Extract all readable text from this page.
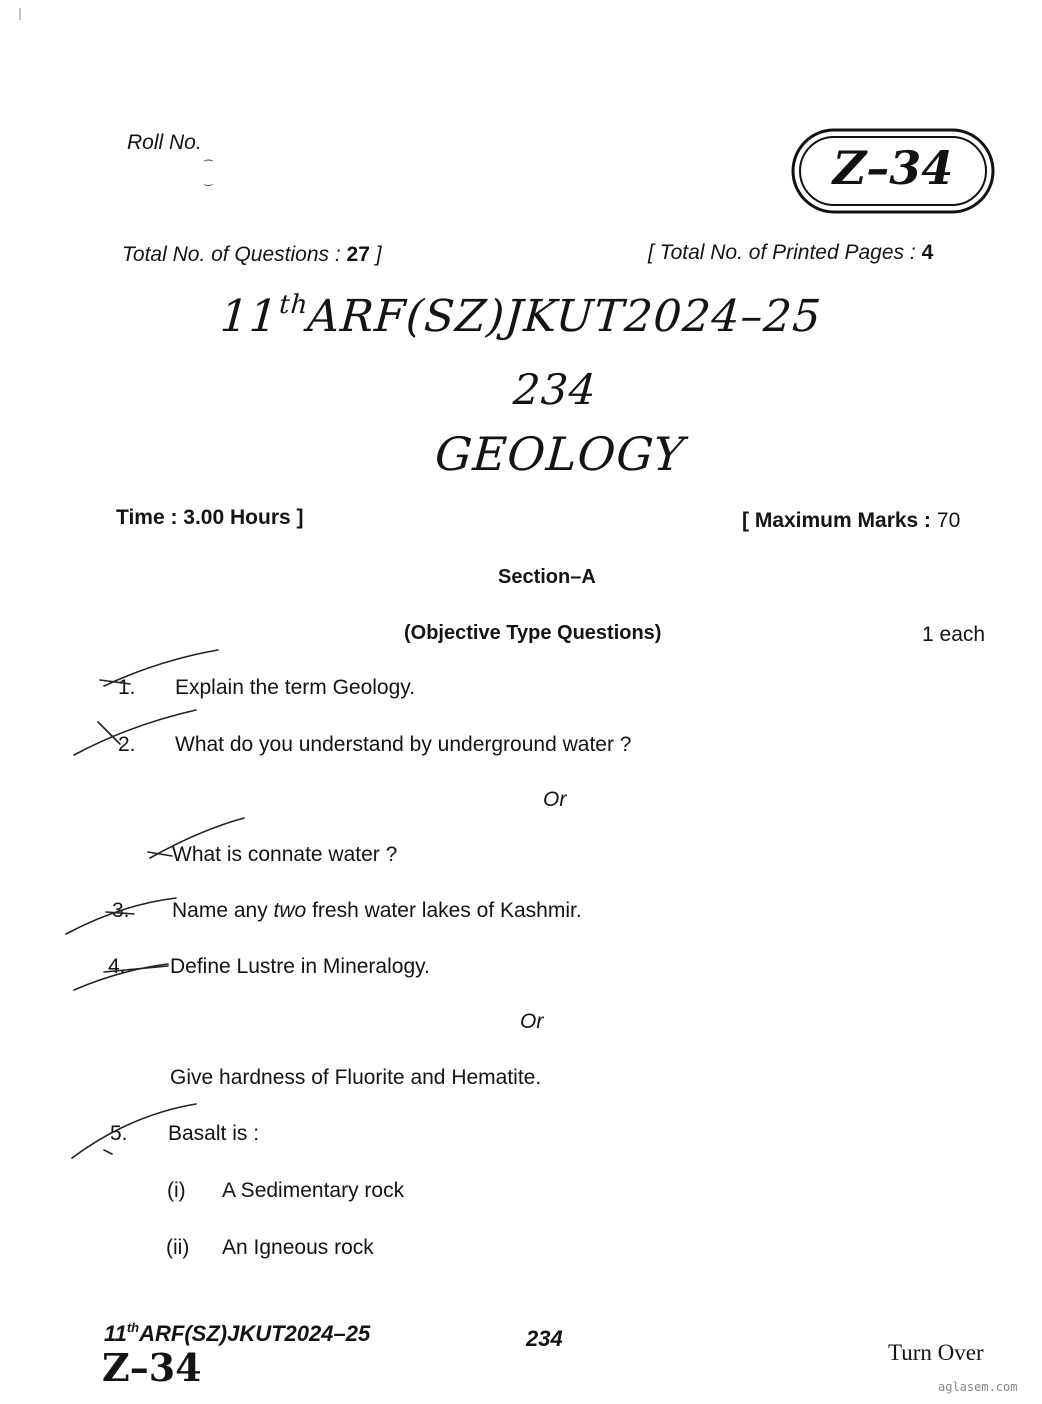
Roll No.
⁀
‿	Z–34
Total No. of Questions : 27 ]	[ Total No. of Printed Pages : 4
11thARF(SZ)JKUT2024–25
234
GEOLOGY
Time : 3.00 Hours ]	[ Maximum Marks : 70
Section–A
(Objective Type Questions)	1 each
1. Explain the term Geology.
2. What do you understand by underground water ?
Or
What is connate water ?
3. Name any two fresh water lakes of Kashmir.
4. Define Lustre in Mineralogy.
Or
Give hardness of Fluorite and Hematite.
5. Basalt is :
(i) A Sedimentary rock
(ii) An Igneous rock
11thARF(SZ)JKUT2024–25	234
Z–34	Turn Over
aglasem.com
